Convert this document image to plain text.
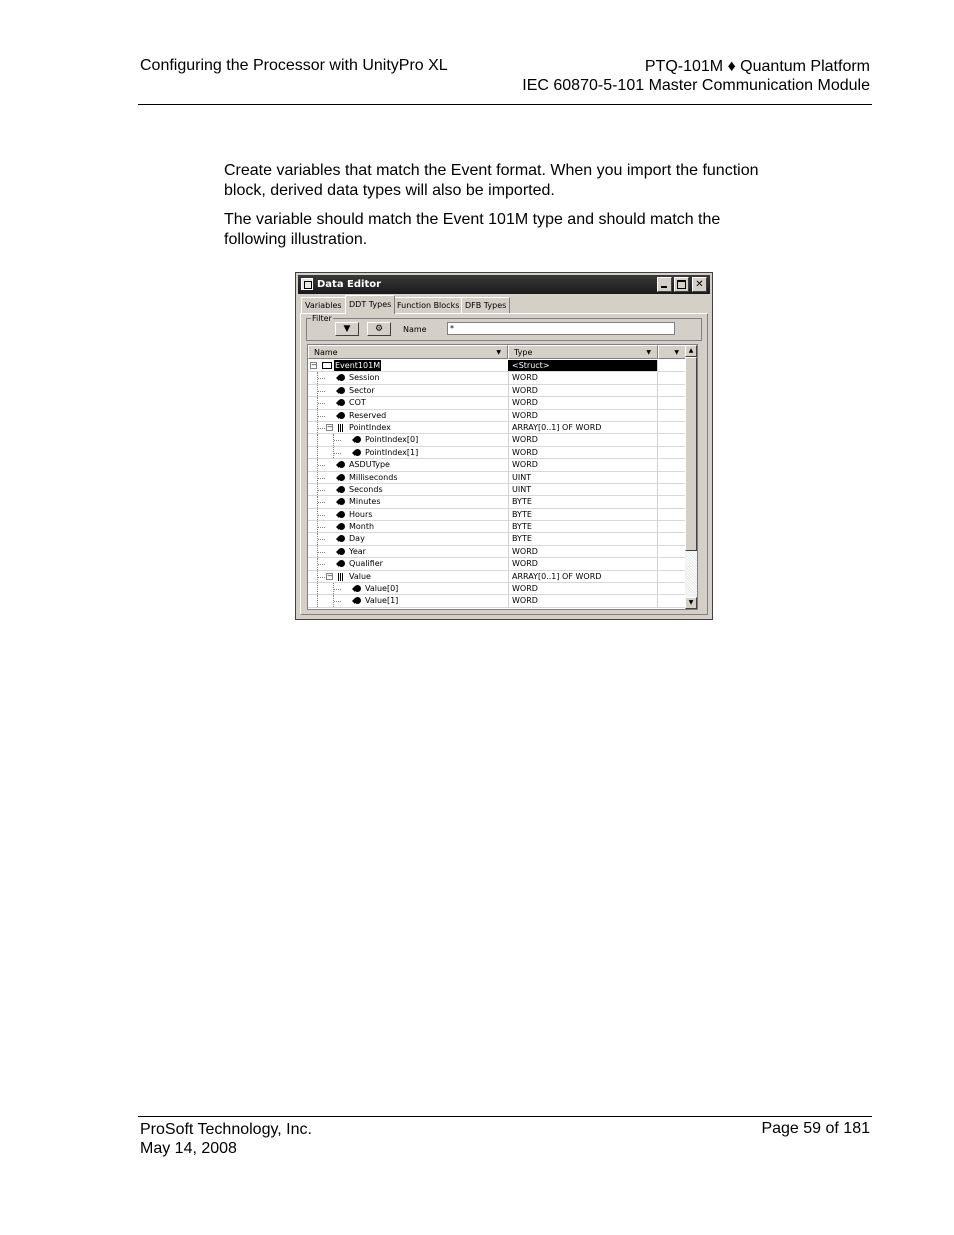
Configuring the Processor with UnityPro XL	PTQ-101M ♦ Quantum Platform
IEC 60870-5-101 Master Communication Module
Create variables that match the Event format. When you import the function
block, derived data types will also be imported.
The variable should match the Event 101M type and should match the
following illustration.
Data Editor	✕
Variables DDT Types Function Blocks DFB Types
Filter
▼	⚙	Name	*
Name	▼	Type	▼	▼
− Event101M	<Struct>
Session	WORD
Sector	WORD
COT	WORD
Reserved	WORD
− PointIndex	ARRAY[0..1] OF WORD
PointIndex[0]	WORD
PointIndex[1]	WORD
ASDUType	WORD
Milliseconds	UINT
Seconds	UINT
Minutes	BYTE
Hours	BYTE
Month	BYTE
Day	BYTE
Year	WORD
Qualifier	WORD
− Value	ARRAY[0..1] OF WORD
Value[0]	WORD
Value[1]	WORD
▲
▼
ProSoft Technology, Inc.
May 14, 2008
Page 59 of 181
